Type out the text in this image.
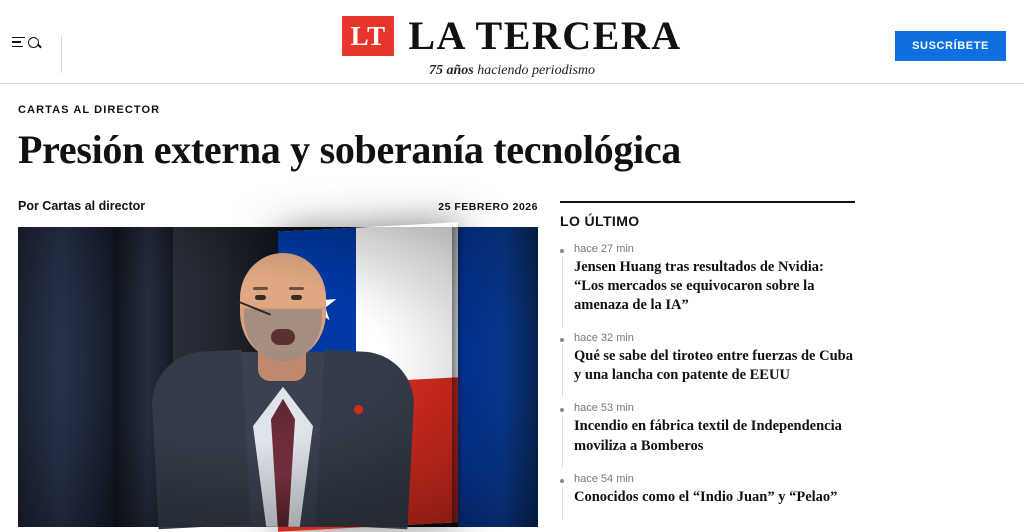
LT LA TERCERA
75 años haciendo periodismo
SUSCRÍBETE
CARTAS AL DIRECTOR
Presión externa y soberanía tecnológica
Por Cartas al director	25 FEBRERO 2026
LO ÚLTIMO
hace 27 min
Jensen Huang tras resultados de Nvidia: “Los mercados se equivocaron sobre la amenaza de la IA”
hace 32 min
Qué se sabe del tiroteo entre fuerzas de Cuba y una lancha con patente de EEUU
hace 53 min
Incendio en fábrica textil de Independencia moviliza a Bomberos
hace 54 min
Conocidos como el “Indio Juan” y “Pelao”
